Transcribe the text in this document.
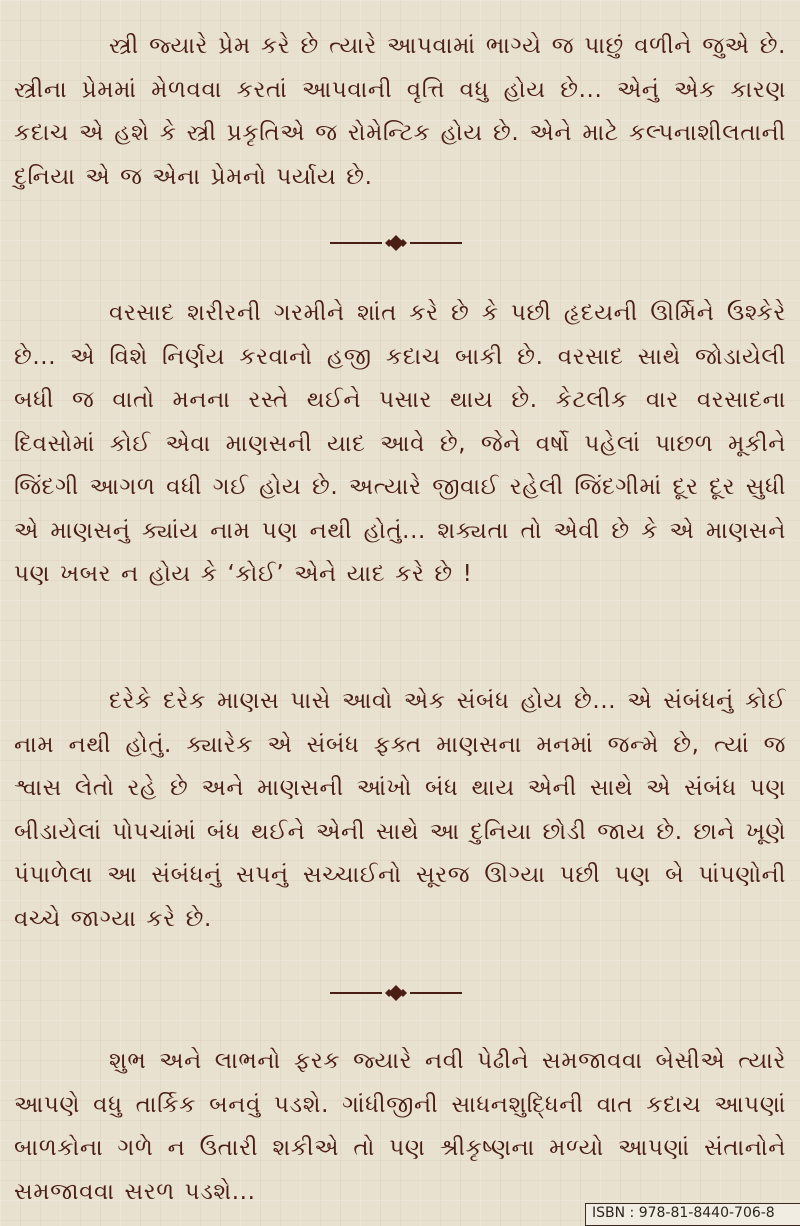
સ્ત્રી જ્યારે પ્રેમ કરે છે ત્યારે આપવામાં ભાગ્યે જ પાછું વળીને જુએ છે. સ્ત્રીના પ્રેમમાં મેળવવા કરતાં આપવાની વૃત્તિ વધુ હોય છે... એનું એક કારણ કદાચ એ હશે કે સ્ત્રી પ્રકૃતિએ જ રોમેન્ટિક હોય છે. એને માટે કલ્પનાશીલતાની દુનિયા એ જ એના પ્રેમનો પર્યાય છે.

વરસાદ શરીરની ગરમીને શાંત કરે છે કે પછી હૃદયની ઊર્મિને ઉશ્કેરે છે... એ વિશે નિર્ણય કરવાનો હજી કદાચ બાકી છે. વરસાદ સાથે જોડાયેલી બધી જ વાતો મનના રસ્તે થઈને પસાર થાય છે. કેટલીક વાર વરસાદના દિવસોમાં કોઈ એવા માણસની યાદ આવે છે, જેને વર્ષો પહેલાં પાછળ મૂકીને જિંદગી આગળ વધી ગઈ હોય છે. અત્યારે જીવાઈ રહેલી જિંદગીમાં દૂર દૂર સુધી એ માણસનું ક્યાંય નામ પણ નથી હોતું... શક્યતા તો એવી છે કે એ માણસને પણ ખબર ન હોય કે ‘કોઈ’ એને યાદ કરે છે !

દરેકે દરેક માણસ પાસે આવો એક સંબંધ હોય છે... એ સંબંધનું કોઈ નામ નથી હોતું. ક્યારેક એ સંબંધ ફક્ત માણસના મનમાં જન્મે છે, ત્યાં જ શ્વાસ લેતો રહે છે અને માણસની આંખો બંધ થાય એની સાથે એ સંબંધ પણ બીડાયેલાં પોપચાંમાં બંધ થઈને એની સાથે આ દુનિયા છોડી જાય છે. છાને ખૂણે પંપાળેલા આ સંબંધનું સપનું સચ્ચાઈનો સૂરજ ઊગ્યા પછી પણ બે પાંપણોની વચ્ચે જાગ્યા કરે છે.

શુભ અને લાભનો ફરક જ્યારે નવી પેઢીને સમજાવવા બેસીએ ત્યારે આપણે વધુ તાર્કિક બનવું પડશે. ગાંધીજીની સાધનશુદ્ધિની વાત કદાચ આપણાં બાળકોના ગળે ન ઉતારી શકીએ તો પણ શ્રીકૃષ્ણના મળ્યો આપણાં સંતાનોને સમજાવવા સરળ પડશે...

ISBN : 978-81-8440-706-8
